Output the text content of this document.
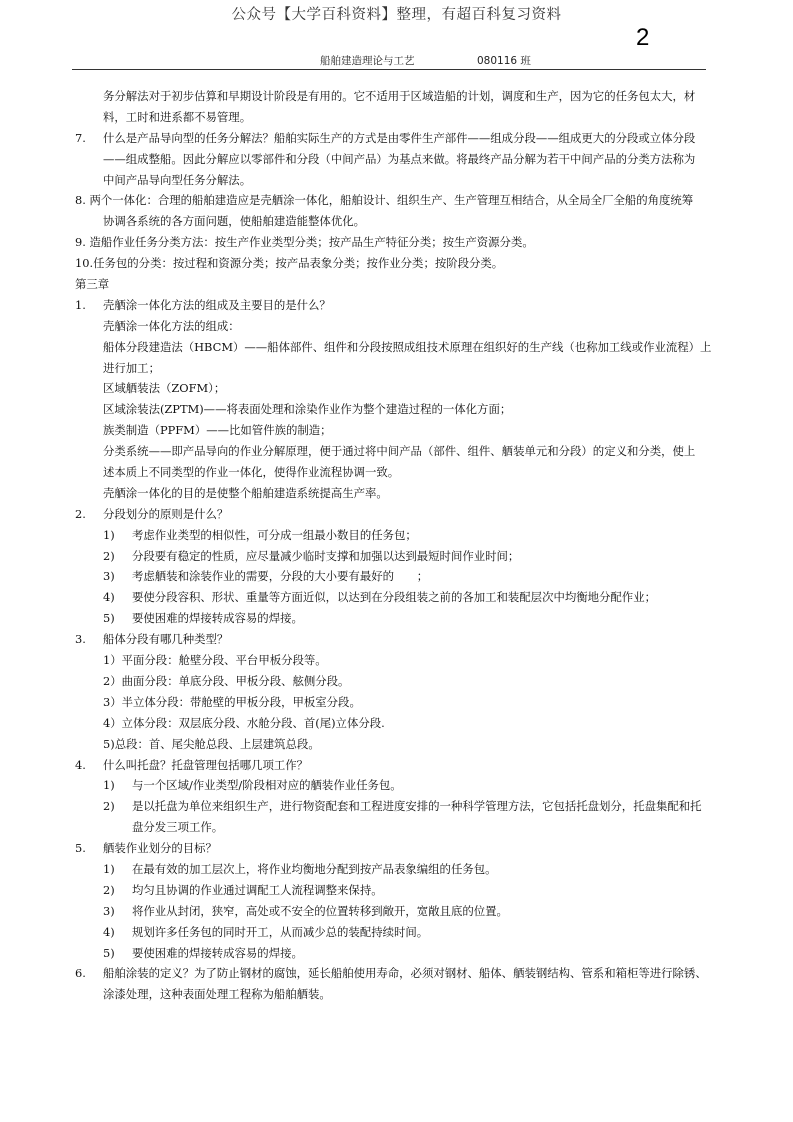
公众号【大学百科资料】整理，有超百科复习资料
2
船舶建造理论与工艺	080116 班
务分解法对于初步估算和早期设计阶段是有用的。它不适用于区域造船的计划，调度和生产，因为它的任务包太大，材
料，工时和进系都不易管理。
7. 什么是产品导向型的任务分解法？船舶实际生产的方式是由零件生产部件——组成分段——组成更大的分段或立体分段
——组成整船。因此分解应以零部件和分段（中间产品）为基点来做。将最终产品分解为若干中间产品的分类方法称为
中间产品导向型任务分解法。
8. 两个一体化：合理的船舶建造应是壳舾涂一体化，船舶设计、组织生产、生产管理互相结合，从全局全厂全船的角度统筹
协调各系统的各方面问题，使船舶建造能整体优化。
9. 造船作业任务分类方法：按生产作业类型分类；按产品生产特征分类；按生产资源分类。
10.任务包的分类：按过程和资源分类；按产品表象分类；按作业分类；按阶段分类。
第三章
1. 壳舾涂一体化方法的组成及主要目的是什么？
壳舾涂一体化方法的组成：
船体分段建造法（HBCM）——船体部件、组件和分段按照成组技术原理在组织好的生产线（也称加工线或作业流程）上
进行加工；
区域舾装法（ZOFM）；
区域涂装法(ZPTM)——将表面处理和涂染作业作为整个建造过程的一体化方面；
族类制造（PPFM）——比如管件族的制造；
分类系统——即产品导向的作业分解原理，便于通过将中间产品（部件、组件、舾装单元和分段）的定义和分类，使上
述本质上不同类型的作业一体化，使得作业流程协调一致。
壳舾涂一体化的目的是使整个船舶建造系统提高生产率。
2. 分段划分的原则是什么？
1) 考虑作业类型的相似性，可分成一组最小数目的任务包；
2) 分段要有稳定的性质，应尽量减少临时支撑和加强以达到最短时间作业时间；
3) 考虑舾装和涂装作业的需要，分段的大小要有最好的　　；
4) 要使分段容积、形状、重量等方面近似，以达到在分段组装之前的各加工和装配层次中均衡地分配作业；
5) 要使困难的焊接转成容易的焊接。
3. 船体分段有哪几种类型？
1）平面分段：舱壁分段、平台甲板分段等。
2）曲面分段：单底分段、甲板分段、舷侧分段。
3）半立体分段：带舱壁的甲板分段，甲板室分段。
4）立体分段：双层底分段、水舱分段、首(尾)立体分段.
5)总段：首、尾尖舱总段、上层建筑总段。
4. 什么叫托盘？托盘管理包括哪几项工作？
1) 与一个区域/作业类型/阶段相对应的舾装作业任务包。
2) 是以托盘为单位来组织生产，进行物资配套和工程进度安排的一种科学管理方法，它包括托盘划分，托盘集配和托
盘分发三项工作。
5. 舾装作业划分的目标？
1) 在最有效的加工层次上，将作业均衡地分配到按产品表象编组的任务包。
2) 均匀且协调的作业通过调配工人流程调整来保持。
3) 将作业从封闭，狭窄，高处或不安全的位置转移到敞开，宽敞且底的位置。
4) 规划许多任务包的同时开工，从而减少总的装配持续时间。
5) 要使困难的焊接转成容易的焊接。
6. 船舶涂装的定义？为了防止钢材的腐蚀，延长船舶使用寿命，必须对钢材、船体、舾装钢结构、管系和箱柜等进行除锈、
涂漆处理，这种表面处理工程称为船舶舾装。
